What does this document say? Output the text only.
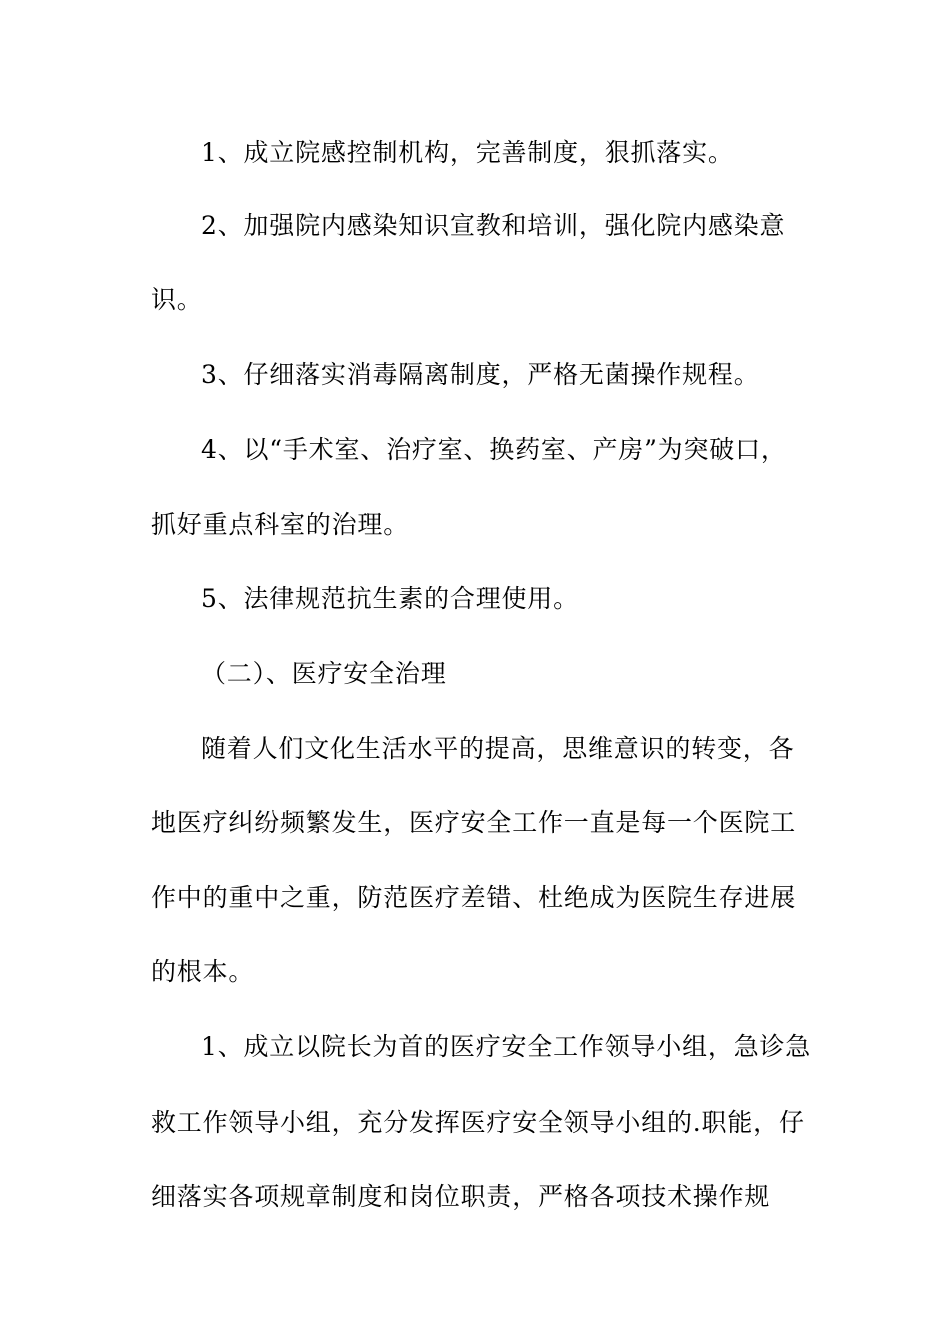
1、成立院感控制机构，完善制度，狠抓落实。
2、加强院内感染知识宣教和培训，强化院内感染意
识。
3、仔细落实消毒隔离制度，严格无菌操作规程。
4、以“手术室、治疗室、换药室、产房”为突破口，
抓好重点科室的治理。
5、法律规范抗生素的合理使用。
（二）、医疗安全治理
随着人们文化生活水平的提高，思维意识的转变，各
地医疗纠纷频繁发生，医疗安全工作一直是每一个医院工
作中的重中之重，防范医疗差错、杜绝成为医院生存进展
的根本。
1、成立以院长为首的医疗安全工作领导小组，急诊急
救工作领导小组，充分发挥医疗安全领导小组的.职能，仔
细落实各项规章制度和岗位职责，严格各项技术操作规
